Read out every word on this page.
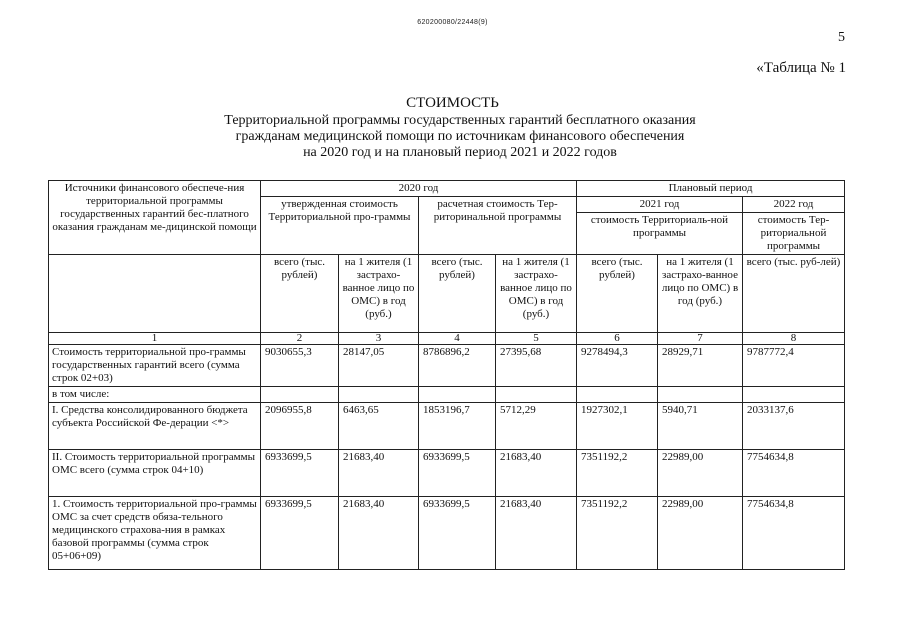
620200080/22448(9)
5
«Таблица № 1
СТОИМОСТЬ
Территориальной программы государственных гарантий бесплатного оказания
гражданам медицинской помощи по источникам финансового обеспечения
на 2020 год и на плановый период 2021 и 2022 годов
Источники финансового обеспече-ния территориальной программы государственных гарантий бес-платного оказания гражданам ме-дицинской помощи	2020 год				Плановый период		
	утвержденная стоимость Территориальной про-граммы		расчетная стоимость Тер-риторинальной программы		2021 год		2022 год
					стоимость Территориаль-ной программы		стоимость Тер-риториальной программы
	всего (тыс. рублей)	на 1 жителя (1 застрахо-ванное лицо по ОМС) в год (руб.)	всего (тыс. рублей)	на 1 жителя (1 застрахо-ванное лицо по ОМС) в год (руб.)	всего (тыс. рублей)	на 1 жителя (1 застрахо-ванное лицо по ОМС) в год (руб.)	всего (тыс. руб-лей)
1	2	3	4	5	6	7	8
Стоимость территориальной про-граммы государственных гарантий всего (сумма строк 02+03)	9030655,3	28147,05	8786896,2	27395,68	9278494,3	28929,71	9787772,4
в том числе:							
I. Средства консолидированного бюджета субъекта Российской Фе-дерации <*>	2096955,8	6463,65	1853196,7	5712,29	1927302,1	5940,71	2033137,6
II. Стоимость территориальной программы ОМС всего (сумма строк 04+10)	6933699,5	21683,40	6933699,5	21683,40	7351192,2	22989,00	7754634,8
1. Стоимость территориальной про-граммы ОМС за счет средств обяза-тельного медицинского страхова-ния в рамках базовой программы (сумма строк 05+06+09)	6933699,5	21683,40	6933699,5	21683,40	7351192,2	22989,00	7754634,8
